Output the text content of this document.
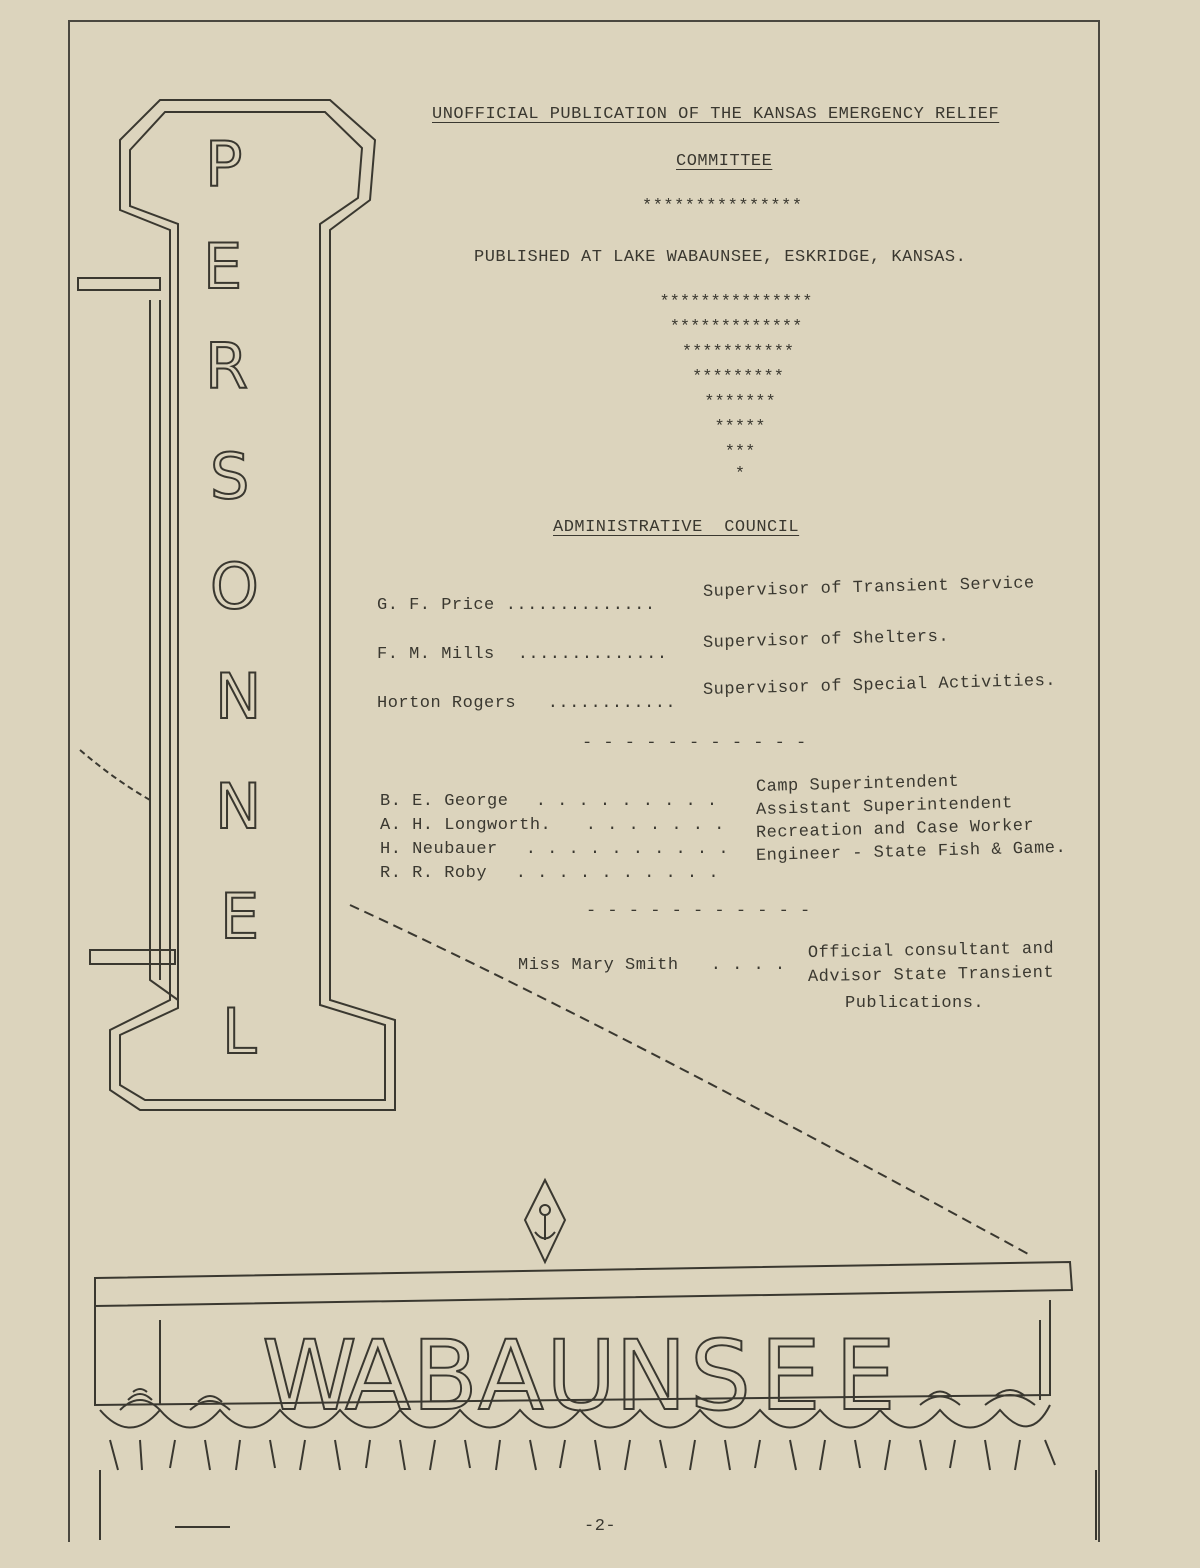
P
E
R
S
O
N
N
E
L
W
A B A U
N S E E
UNOFFICIAL PUBLICATION OF THE KANSAS EMERGENCY RELIEF
COMMITTEE
***************
PUBLISHED AT LAKE WABAUNSEE, ESKRIDGE, KANSAS.
***************
*************
***********
*********
*******
*****
***
*
ADMINISTRATIVE  COUNCIL
G. F. Price ..............
Supervisor of Transient Service
F. M. Mills ..............
Supervisor of Shelters.
Horton Rogers ............
Supervisor of Special Activities.
- - - - - - - - - - -
B. E. George . . . . . . . . .
Camp Superintendent
A. H. Longworth. . . . . . . .
Assistant Superintendent
H. Neubauer . . . . . . . . . .
Recreation and Case Worker
R. R. Roby . . . . . . . . . .
Engineer - State Fish & Game.
- - - - - - - - - - -
Miss Mary Smith . . . .
Official consultant and
Advisor State Transient
Publications.
-2-
